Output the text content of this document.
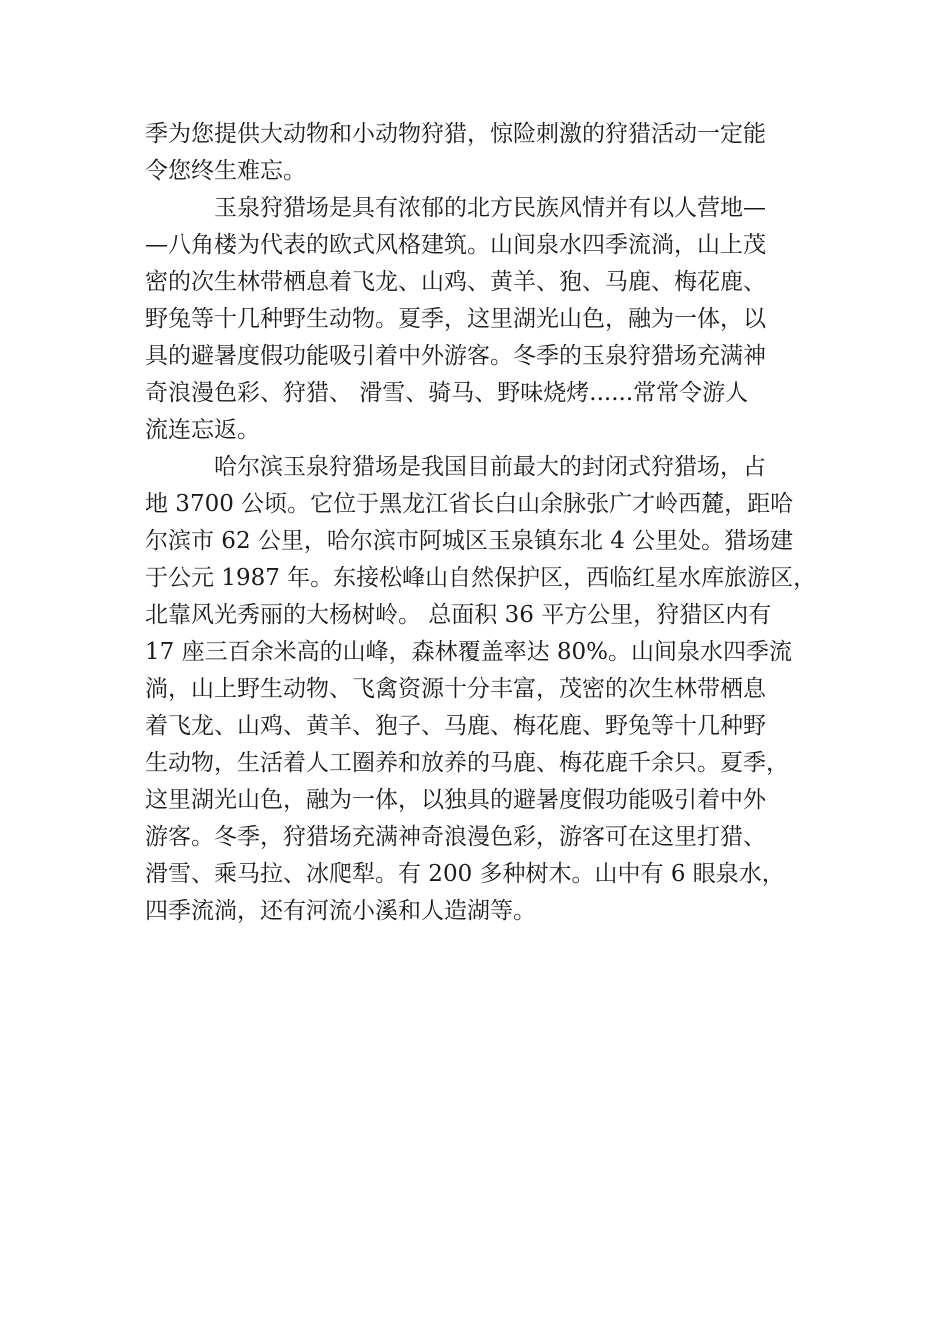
季为您提供大动物和小动物狩猎，惊险刺激的狩猎活动一定能
令您终生难忘。
玉泉狩猎场是具有浓郁的北方民族风情并有以人营地—
—八角楼为代表的欧式风格建筑。山间泉水四季流淌，山上茂
密的次生林带栖息着飞龙、山鸡、黄羊、狍、马鹿、梅花鹿、
野兔等十几种野生动物。夏季，这里湖光山色，融为一体，以
具的避暑度假功能吸引着中外游客。冬季的玉泉狩猎场充满神
奇浪漫色彩、狩猎、 滑雪、骑马、野味烧烤......常常令游人
流连忘返。
哈尔滨玉泉狩猎场是我国目前最大的封闭式狩猎场，占
地 3700 公顷。它位于黑龙江省长白山余脉张广才岭西麓，距哈
尔滨市 62 公里，哈尔滨市阿城区玉泉镇东北 4 公里处。猎场建
于公元 1987 年。东接松峰山自然保护区，西临红星水库旅游区，
北靠风光秀丽的大杨树岭。 总面积 36 平方公里，狩猎区内有
17 座三百余米高的山峰，森林覆盖率达 80%。山间泉水四季流
淌，山上野生动物、飞禽资源十分丰富，茂密的次生林带栖息
着飞龙、山鸡、黄羊、狍子、马鹿、梅花鹿、野兔等十几种野
生动物，生活着人工圈养和放养的马鹿、梅花鹿千余只。夏季，
这里湖光山色，融为一体，以独具的避暑度假功能吸引着中外
游客。冬季，狩猎场充满神奇浪漫色彩，游客可在这里打猎、
滑雪、乘马拉、冰爬犁。有 200 多种树木。山中有 6 眼泉水，
四季流淌，还有河流小溪和人造湖等。
